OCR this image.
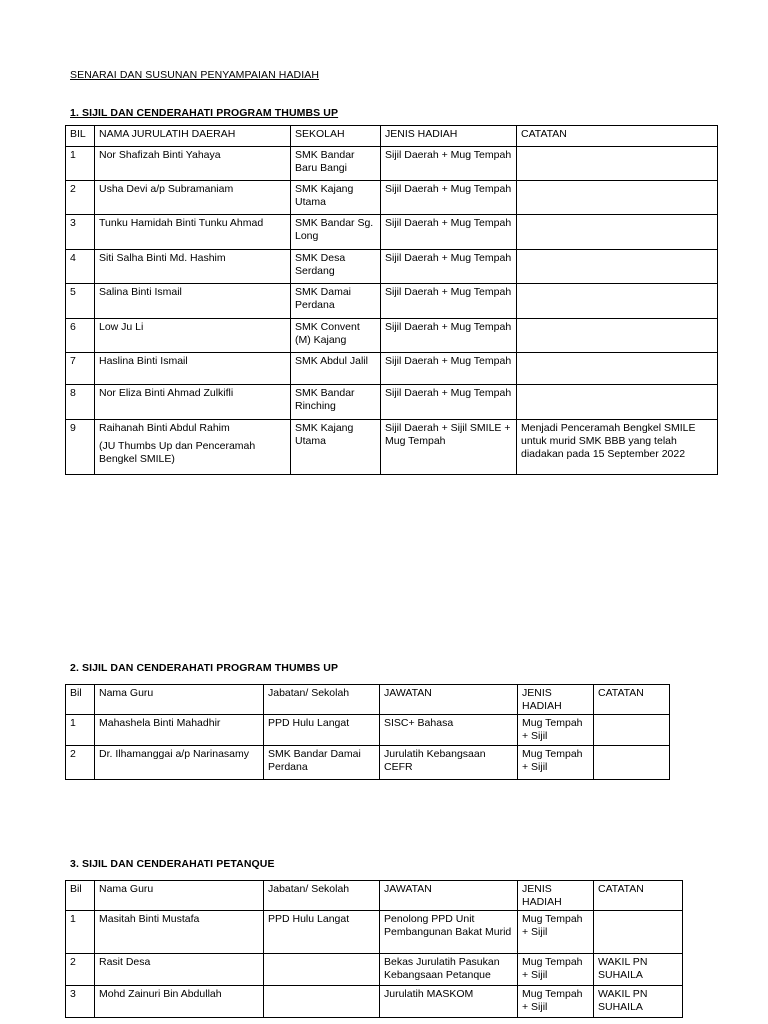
SENARAI DAN SUSUNAN PENYAMPAIAN HADIAH
1. SIJIL DAN CENDERAHATI PROGRAM THUMBS UP
BIL	NAMA JURULATIH DAERAH	SEKOLAH	JENIS HADIAH	CATATAN
1	Nor Shafizah Binti Yahaya	SMK Bandar Baru Bangi	Sijil Daerah + Mug Tempah	
2	Usha Devi a/p Subramaniam	SMK Kajang Utama	Sijil Daerah + Mug Tempah	
3	Tunku Hamidah Binti Tunku Ahmad	SMK Bandar Sg. Long	Sijil Daerah + Mug Tempah	
4	Siti Salha Binti Md. Hashim	SMK Desa Serdang	Sijil Daerah + Mug Tempah	
5	Salina Binti Ismail	SMK Damai Perdana	Sijil Daerah + Mug Tempah	
6	Low Ju Li	SMK Convent (M) Kajang	Sijil Daerah + Mug Tempah	
7	Haslina Binti Ismail	SMK Abdul Jalil	Sijil Daerah + Mug Tempah	
8	Nor Eliza Binti Ahmad Zulkifli	SMK Bandar Rinching	Sijil Daerah + Mug Tempah	
9	Raihanah Binti Abdul Rahim
(JU Thumbs Up dan Penceramah Bengkel SMILE)	SMK Kajang Utama	Sijil Daerah + Sijil SMILE + Mug Tempah	Menjadi Penceramah Bengkel SMILE untuk murid SMK BBB yang telah diadakan pada 15 September 2022
2. SIJIL DAN CENDERAHATI PROGRAM THUMBS UP
Bil	Nama Guru	Jabatan/ Sekolah	JAWATAN	JENIS HADIAH	CATATAN
1	Mahashela Binti Mahadhir	PPD Hulu Langat	SISC+ Bahasa	Mug Tempah + Sijil	
2	Dr. Ilhamanggai a/p Narinasamy	SMK Bandar Damai Perdana	Jurulatih Kebangsaan CEFR	Mug Tempah + Sijil	
3. SIJIL DAN CENDERAHATI PETANQUE
Bil	Nama Guru	Jabatan/ Sekolah	JAWATAN	JENIS HADIAH	CATATAN
1	Masitah Binti Mustafa	PPD Hulu Langat	Penolong PPD Unit Pembangunan Bakat Murid	Mug Tempah + Sijil	
2	Rasit Desa		Bekas Jurulatih Pasukan Kebangsaan Petanque	Mug Tempah + Sijil	WAKIL PN SUHAILA
3	Mohd Zainuri Bin Abdullah		Jurulatih MASKOM	Mug Tempah + Sijil	WAKIL PN SUHAILA
